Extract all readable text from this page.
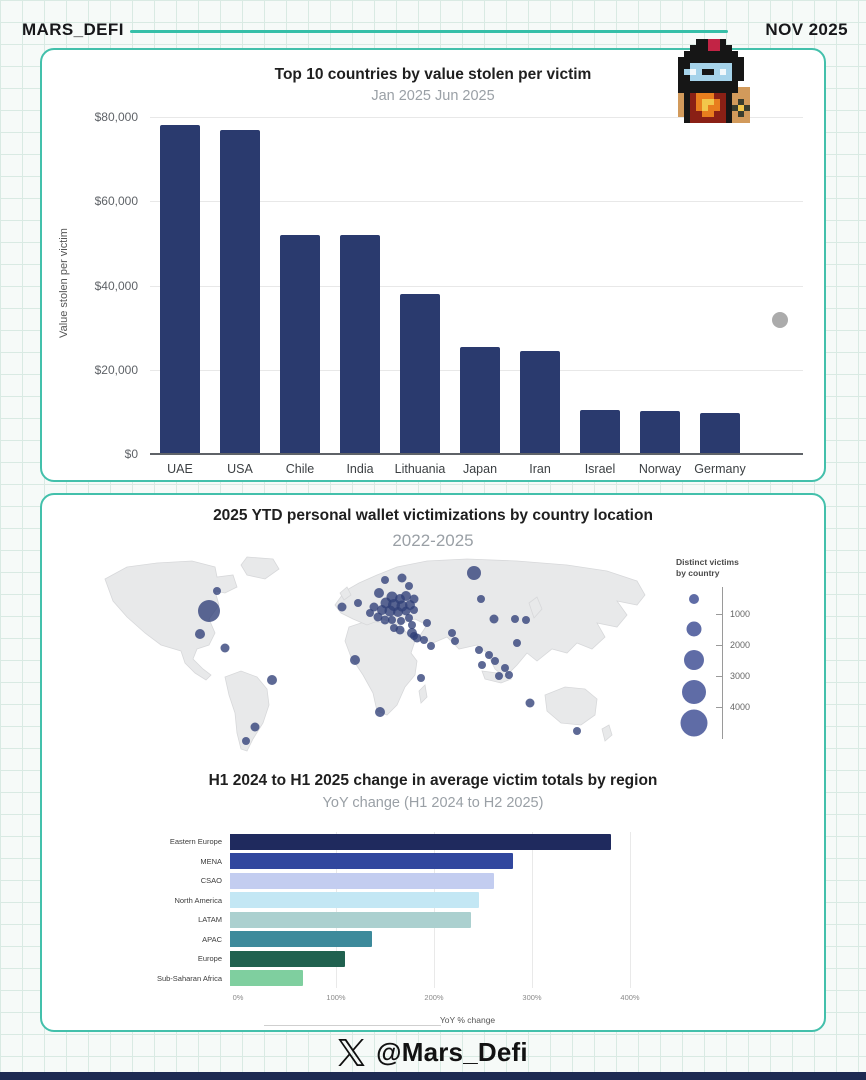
MARS_DEFI	NOV 2025
Top 10 countries by value stolen per victim
Jan 2025 Jun 2025
Value stolen per victim
$80,000
$60,000
$40,000
$20,000
$0
UAE	USA	Chile	India Lithuania Japan	Iran	Israel Norway Germany
2025 YTD personal wallet victimizations by country location
2022-2025
Distinct victims
by country
1000
2000
3000
4000
H1 2024 to H1 2025 change in average victim totals by region
YoY change (H1 2024 to H2 2025)
Eastern Europe
MENA
CSAO
North America
LATAM
APAC
Europe
Sub-Saharan Africa
0%	100%	200%	300%	400%
YoY % change
@Mars_Defi
